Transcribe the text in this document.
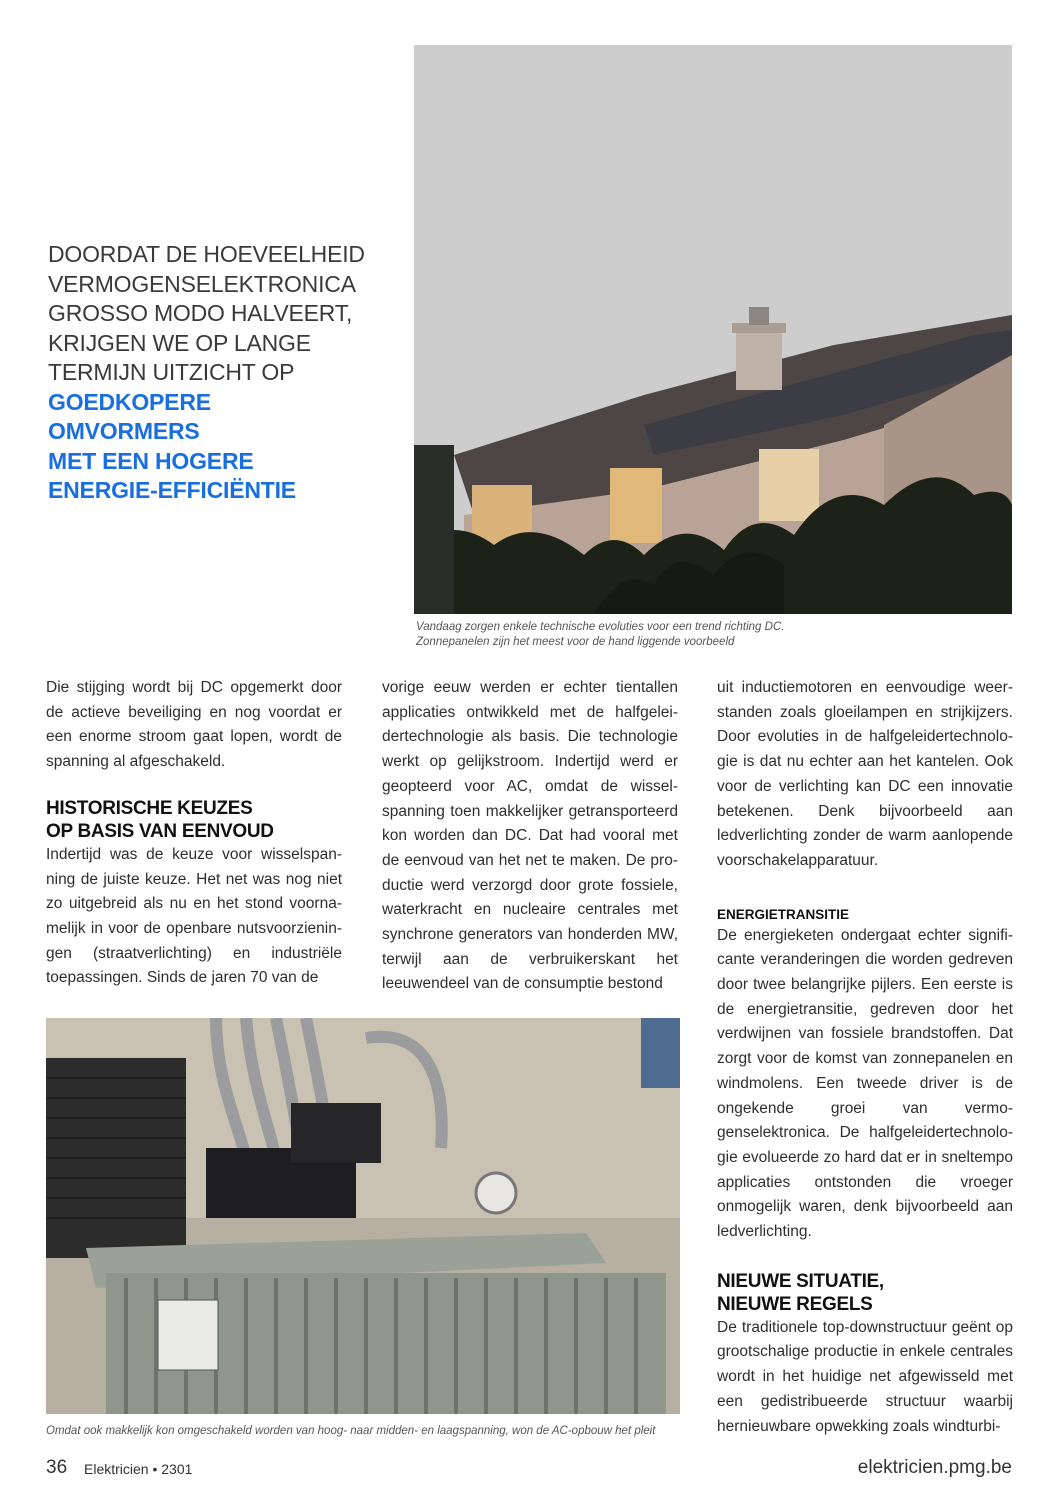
DOORDAT DE HOEVEELHEID
VERMOGENSELEKTRONICA
GROSSO MODO HALVEERT,
KRIJGEN WE OP LANGE
TERMIJN UITZICHT OP
GOEDKOPERE
OMVORMERS
MET EEN HOGERE
ENERGIE-EFFICIËNTIE
Vandaag zorgen enkele technische evoluties voor een trend richting DC.
Zonnepanelen zijn het meest voor de hand liggende voorbeeld

Die stijging wordt bij DC opgemerkt door de actieve beveiliging en nog voordat er een enorme stroom gaat lopen, wordt de spanning al afgeschakeld.

HISTORISCHE KEUZES
OP BASIS VAN EENVOUD

Indertijd was de keuze voor wisselspanning de juiste keuze. Het net was nog niet zo uitgebreid als nu en het stond voornamelijk in voor de openbare nutsvoorzieningen (straatverlichting) en industriële toepassingen. Sinds de jaren 70 van de

vorige eeuw werden er echter tientallen applicaties ontwikkeld met de halfgeleidertechnologie als basis. Die technologie werkt op gelijkstroom. Indertijd werd er geopteerd voor AC, omdat de wisselspanning toen makkelijker getransporteerd kon worden dan DC. Dat had vooral met de eenvoud van het net te maken. De productie werd verzorgd door grote fossiele, waterkracht en nucleaire centrales met synchrone generators van honderden MW, terwijl aan de verbruikerskant het leeuwendeel van de consumptie bestond

uit inductiemotoren en eenvoudige weerstanden zoals gloeilampen en strijkijzers. Door evoluties in de halfgeleidertechnologie is dat nu echter aan het kantelen. Ook voor de verlichting kan DC een innovatie betekenen. Denk bijvoorbeeld aan ledverlichting zonder de warm aanlopende voorschakelapparatuur.

ENERGIETRANSITIE

De energieketen ondergaat echter significante veranderingen die worden gedreven door twee belangrijke pijlers. Een eerste is de energietransitie, gedreven door het verdwijnen van fossiele brandstoffen. Dat zorgt voor de komst van zonnepanelen en windmolens. Een tweede driver is de ongekende groei van vermogenselektronica. De halfgeleidertechnologie evolueerde zo hard dat er in sneltempo applicaties ontstonden die vroeger onmogelijk waren, denk bijvoorbeeld aan ledverlichting.

NIEUWE SITUATIE,
NIEUWE REGELS

De traditionele top-downstructuur geënt op grootschalige productie in enkele centrales wordt in het huidige net afgewisseld met een gedistribueerde structuur waarbij hernieuwbare opwekking zoals windturbi-

Omdat ook makkelijk kon omgeschakeld worden van hoog- naar midden- en laagspanning, won de AC-opbouw het pleit
36 Elektricien • 2301	elektricien.pmg.be
